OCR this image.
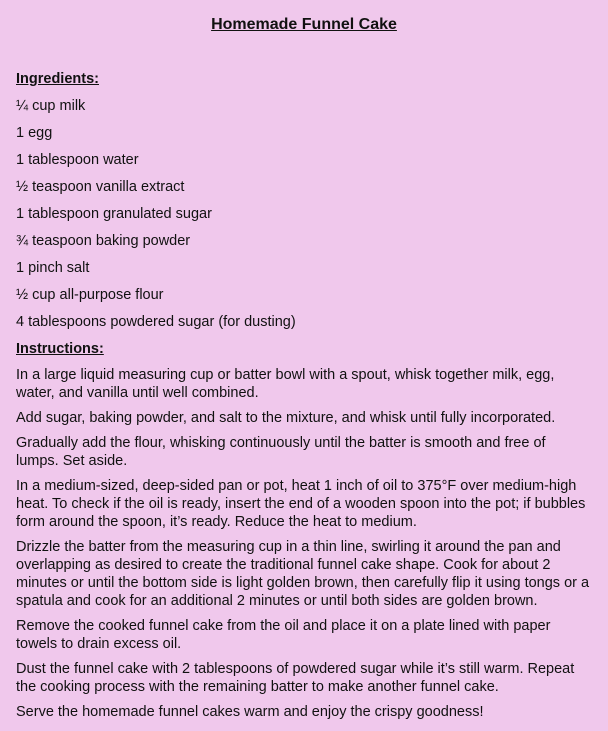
Homemade Funnel Cake
Ingredients:
¼ cup milk
1 egg
1 tablespoon water
½ teaspoon vanilla extract
1 tablespoon granulated sugar
¾ teaspoon baking powder
1 pinch salt
½ cup all-purpose flour
4 tablespoons powdered sugar (for dusting)
Instructions:
In a large liquid measuring cup or batter bowl with a spout, whisk together milk, egg, water, and vanilla until well combined.
Add sugar, baking powder, and salt to the mixture, and whisk until fully incorporated.
Gradually add the flour, whisking continuously until the batter is smooth and free of lumps. Set aside.
In a medium-sized, deep-sided pan or pot, heat 1 inch of oil to 375°F over medium-high heat. To check if the oil is ready, insert the end of a wooden spoon into the pot; if bubbles form around the spoon, it’s ready. Reduce the heat to medium.
Drizzle the batter from the measuring cup in a thin line, swirling it around the pan and overlapping as desired to create the traditional funnel cake shape. Cook for about 2 minutes or until the bottom side is light golden brown, then carefully flip it using tongs or a spatula and cook for an additional 2 minutes or until both sides are golden brown.
Remove the cooked funnel cake from the oil and place it on a plate lined with paper towels to drain excess oil.
Dust the funnel cake with 2 tablespoons of powdered sugar while it’s still warm. Repeat the cooking process with the remaining batter to make another funnel cake.
Serve the homemade funnel cakes warm and enjoy the crispy goodness!
